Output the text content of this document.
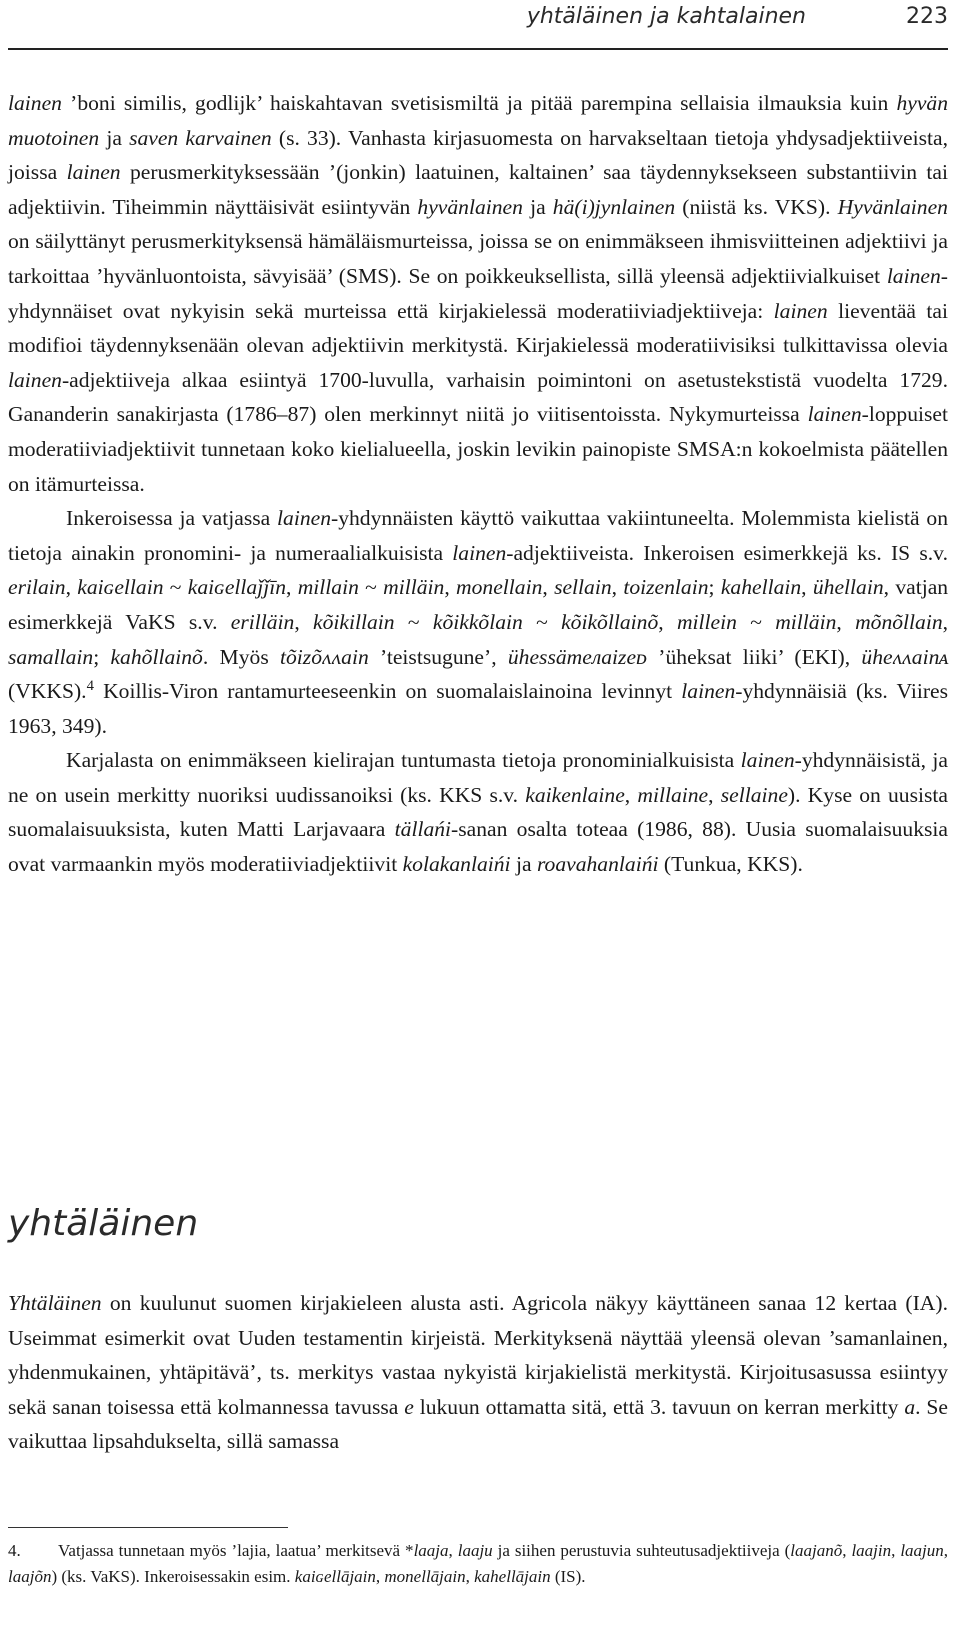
yhtäläinen ja kahtalainen	223

lainen ’boni similis, godlijk’ haiskahtavan svetisismiltä ja pitää parempina sellaisia ilmauksia kuin hyvän muotoinen ja saven karvainen (s. 33). Vanhasta kirjasuomesta on harvakseltaan tietoja yhdysadjektiiveista, joissa lainen perusmerkityksessään ’(jonkin) laatuinen, kaltainen’ saa täydennyksekseen substantiivin tai adjektiivin. Tiheimmin näyttäisivät esiintyvän hyvänlainen ja hä(i)jynlainen (niistä ks. VKS). Hyvänlainen on säilyttänyt perusmerkityksensä hämäläismurteissa, joissa se on enimmäkseen ihmisviitteinen adjektiivi ja tarkoittaa ’hyvänluontoista, sävyisää’ (SMS). Se on poikkeuksellista, sillä yleensä adjektiivialkuiset lainen-yhdynnäiset ovat nykyisin sekä murteissa että kirjakielessä moderatiiviadjektiiveja: lainen lieventää tai modifioi täydennyksenään olevan adjektiivin merkitystä. Kirjakielessä moderatiivisiksi tulkittavissa olevia lainen-adjektiiveja alkaa esiintyä 1700-luvulla, varhaisin poimintoni on asetustekstistä vuodelta 1729. Gananderin sanakirjasta (1786–87) olen merkinnyt niitä jo viitisentoissta. Nykymurteissa lainen-loppuiset moderatiiviadjektiivit tunnetaan koko kielialueella, joskin levikin painopiste SMSA:n kokoelmista päätellen on itämurteissa.

Inkeroisessa ja vatjassa lainen-yhdynnäisten käyttö vaikuttaa vakiintuneelta. Molemmista kielistä on tietoja ainakin pronomini- ja numeraalialkuisista lainen-adjektiiveista. Inkeroisen esimerkkejä ks. IS s.v. erilain, kaiɢellain ~ kaiɢellaǰǰīn, millain ~ milläin, monellain, sellain, toizenlain; kahellain, ühellain, vatjan esimerkkejä VaKS s.v. erilläin, kõikillain ~ kõikkõlain ~ kõikõllainõ, millein ~ milläin, mõnõllain, samallain; kahõllainõ. Myös tõizõʌʌain ’teistsugune’, ühessämeлaizeᴅ ’üheksat liiki’ (EKI), üheʌʌainᴀ (VKKS).$^4$ Koillis-Viron rantamurteeseenkin on suomalaislainoina levinnyt lainen-yhdynnäisiä (ks. Viires 1963, 349).

Karjalasta on enimmäkseen kielirajan tuntumasta tietoja pronominialkuisista lainen-yhdynnäisistä, ja ne on usein merkitty nuoriksi uudissanoiksi (ks. KKS s.v. kaikenlaine, millaine, sellaine). Kyse on uusista suomalaisuuksista, kuten Matti Larjavaara tällańi-sanan osalta toteaa (1986, 88). Uusia suomalaisuuksia ovat varmaankin myös moderatiiviadjektiivit kolakanlaińi ja roavahanlaińi (Tunkua, KKS).

yhtäläinen

Yhtäläinen on kuulunut suomen kirjakieleen alusta asti. Agricola näkyy käyttäneen sanaa 12 kertaa (IA). Useimmat esimerkit ovat Uuden testamentin kirjeistä. Merkityksenä näyttää yleensä olevan ’samanlainen, yhdenmukainen, yhtäpitävä’, ts. merkitys vastaa nykyistä kirjakielistä merkitystä. Kirjoitusasussa esiintyy sekä sanan toisessa että kolmannessa tavussa e lukuun ottamatta sitä, että 3. tavuun on kerran merkitty a. Se vaikuttaa lipsahdukselta, sillä samassa

4. Vatjassa tunnetaan myös ’lajia, laatua’ merkitsevä *laaja, laaju ja siihen perustuvia suhteutusadjektiiveja (laajanõ, laajin, laajun, laajõn) (ks. VaKS). Inkeroisessakin esim. kaiɢellājain, monellājain, kahellājain (IS).
